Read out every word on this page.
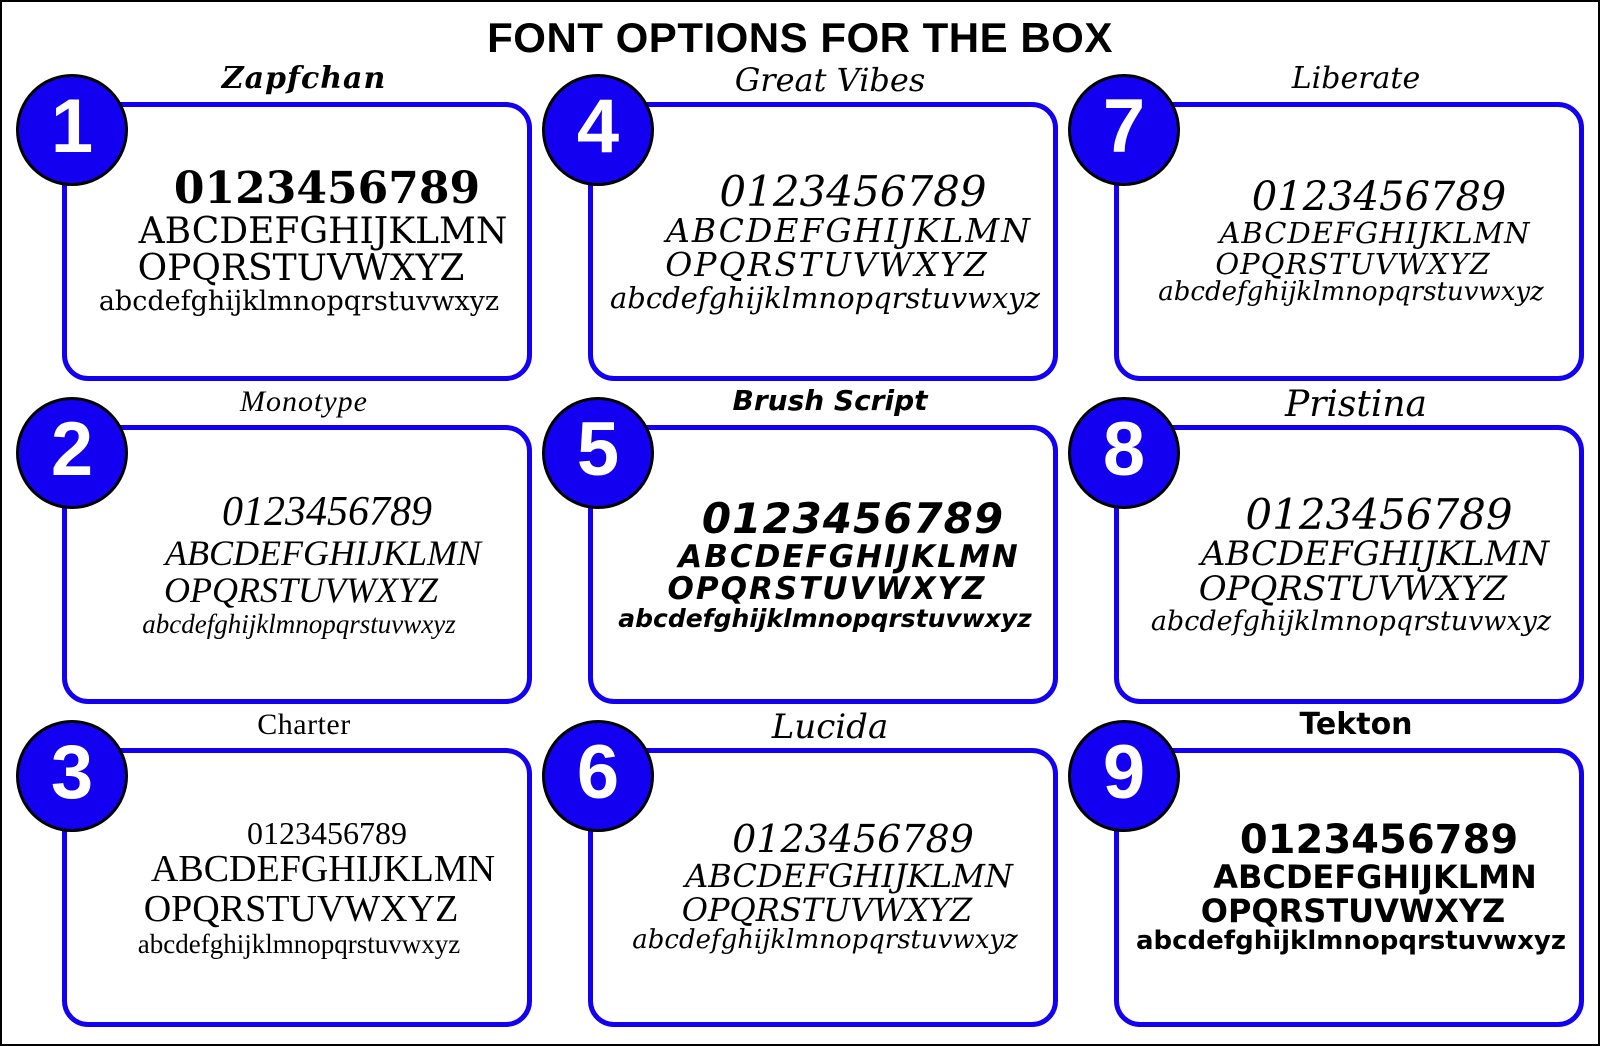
FONT OPTIONS FOR THE BOX
Zapfchan
1
0123456789
ABCDEFGHIJKLMN
OPQRSTUVWXYZ
abcdefghijklmnopqrstuvwxyz
Great Vibes
4
0123456789
ABCDEFGHIJKLMN
OPQRSTUVWXYZ
abcdefghijklmnopqrstuvwxyz
Liberate
7
0123456789
ABCDEFGHIJKLMN
OPQRSTUVWXYZ
abcdefghijklmnopqrstuvwxyz
Monotype
2
0123456789
ABCDEFGHIJKLMN
OPQRSTUVWXYZ
abcdefghijklmnopqrstuvwxyz
Brush Script
5
0123456789
ABCDEFGHIJKLMN
OPQRSTUVWXYZ
abcdefghijklmnopqrstuvwxyz
Pristina
8
0123456789
ABCDEFGHIJKLMN
OPQRSTUVWXYZ
abcdefghijklmnopqrstuvwxyz
Charter
3
0123456789
ABCDEFGHIJKLMN
OPQRSTUVWXYZ
abcdefghijklmnopqrstuvwxyz
Lucida
6
0123456789
ABCDEFGHIJKLMN
OPQRSTUVWXYZ
abcdefghijklmnopqrstuvwxyz
Tekton
9
0123456789
ABCDEFGHIJKLMN
OPQRSTUVWXYZ
abcdefghijklmnopqrstuvwxyz
